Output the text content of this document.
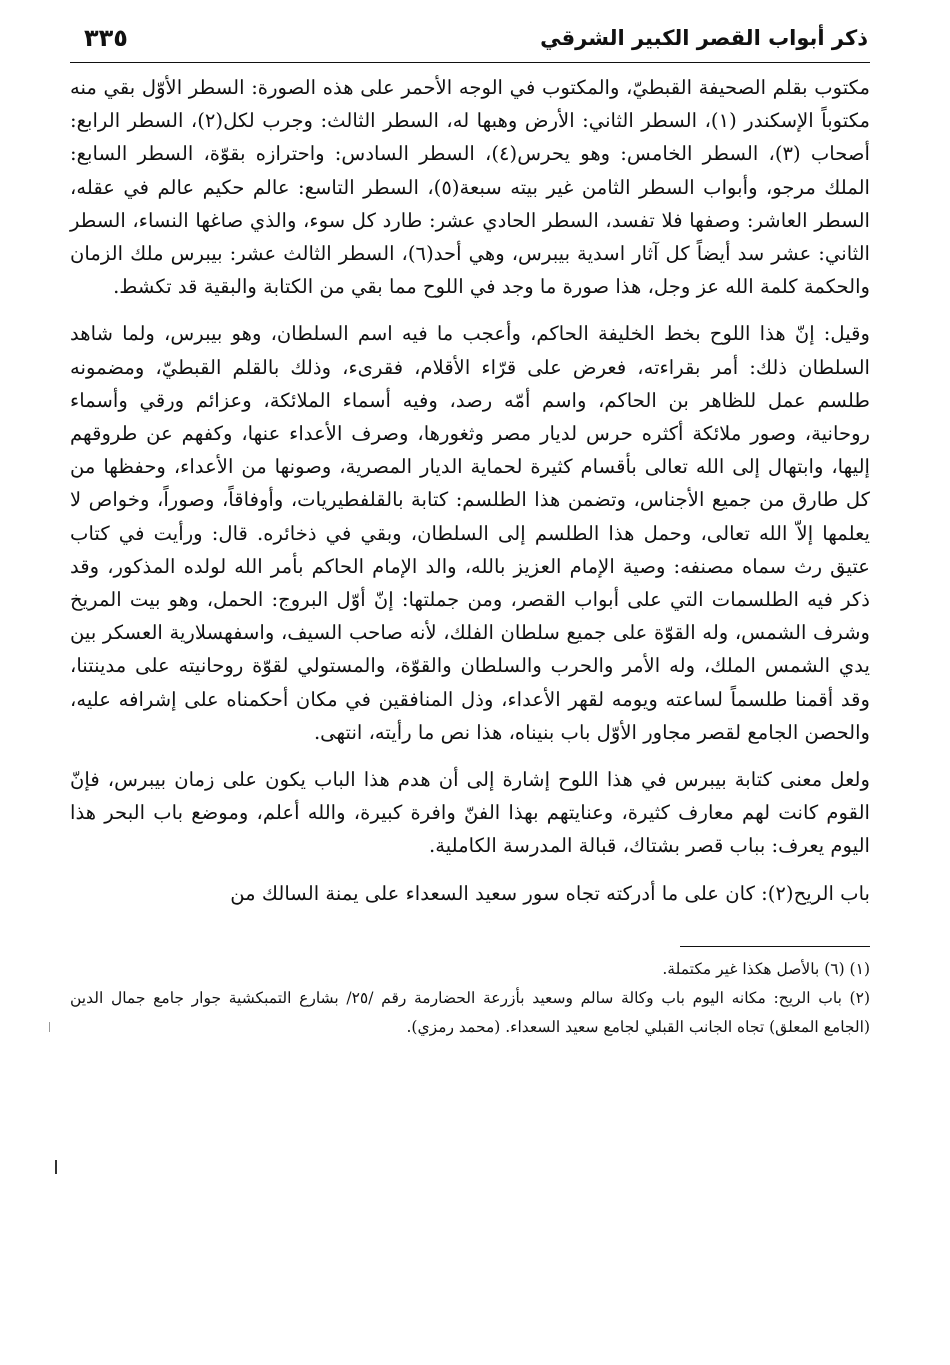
ذكر أبواب القصر الكبير الشرقي
٣٣٥

مكتوب بقلم الصحيفة القبطيّ، والمكتوب في الوجه الأحمر على هذه الصورة: السطر الأوّل بقي منه مكتوباً الإسكندر (١)، السطر الثاني: الأرض وهبها له، السطر الثالث: وجرب لكل(٢)، السطر الرابع: أصحاب (٣)، السطر الخامس: وهو يحرس(٤)، السطر السادس: واحترازه بقوّة، السطر السابع: الملك مرجو، وأبواب السطر الثامن غير بيته سبعة(٥)، السطر التاسع: عالم حكيم عالم في عقله، السطر العاشر: وصفها فلا تفسد، السطر الحادي عشر: طارد كل سوء، والذي صاغها النساء، السطر الثاني: عشر سد أيضاً كل آثار اسدية بيبرس، وهي أحد(٦)، السطر الثالث عشر: بيبرس ملك الزمان والحكمة كلمة الله عز وجل، هذا صورة ما وجد في اللوح مما بقي من الكتابة والبقية قد تكشط.

وقيل: إنّ هذا اللوح بخط الخليفة الحاكم، وأعجب ما فيه اسم السلطان، وهو بيبرس، ولما شاهد السلطان ذلك: أمر بقراءته، فعرض على قرّاء الأقلام، فقرىء، وذلك بالقلم القبطيّ، ومضمونه طلسم عمل للظاهر بن الحاكم، واسم أمّه رصد، وفيه أسماء الملائكة، وعزائم ورقي وأسماء روحانية، وصور ملائكة أكثره حرس لديار مصر وثغورها، وصرف الأعداء عنها، وكفهم عن طروقهم إليها، وابتهال إلى الله تعالى بأقسام كثيرة لحماية الديار المصرية، وصونها من الأعداء، وحفظها من كل طارق من جميع الأجناس، وتضمن هذا الطلسم: كتابة بالقلفطيريات، وأوفاقاً، وصوراً، وخواص لا يعلمها إلاّ الله تعالى، وحمل هذا الطلسم إلى السلطان، وبقي في ذخائره. قال: ورأيت في كتاب عتيق رث سماه مصنفه: وصية الإمام العزيز بالله، والد الإمام الحاكم بأمر الله لولده المذكور، وقد ذكر فيه الطلسمات التي على أبواب القصر، ومن جملتها: إنّ أوّل البروج: الحمل، وهو بيت المريخ وشرف الشمس، وله القوّة على جميع سلطان الفلك، لأنه صاحب السيف، واسفهسلارية العسكر بين يدي الشمس الملك، وله الأمر والحرب والسلطان والقوّة، والمستولي لقوّة روحانيته على مدينتنا، وقد أقمنا طلسماً لساعته ويومه لقهر الأعداء، وذل المنافقين في مكان أحكمناه على إشرافه عليه، والحصن الجامع لقصر مجاور الأوّل باب بنيناه، هذا نص ما رأيته، انتهى.

ولعل معنى كتابة بيبرس في هذا اللوح إشارة إلى أن هدم هذا الباب يكون على زمان بيبرس، فإنّ القوم كانت لهم معارف كثيرة، وعنايتهم بهذا الفنّ وافرة كبيرة، والله أعلم، وموضع باب البحر هذا اليوم يعرف: بباب قصر بشتاك، قبالة المدرسة الكاملية.

باب الريح(٢): كان على ما أدركته تجاه سور سعيد السعداء على يمنة السالك من

(١) (٦) بالأصل هكذا غير مكتملة.

(٢) باب الريح: مكانه اليوم باب وكالة سالم وسعيد بأزرعة الحضارمة رقم /٢٥/ بشارع التمبكشية جوار جامع جمال الدين (الجامع المعلق) تجاه الجانب القبلي لجامع سعيد السعداء. (محمد رمزي).
